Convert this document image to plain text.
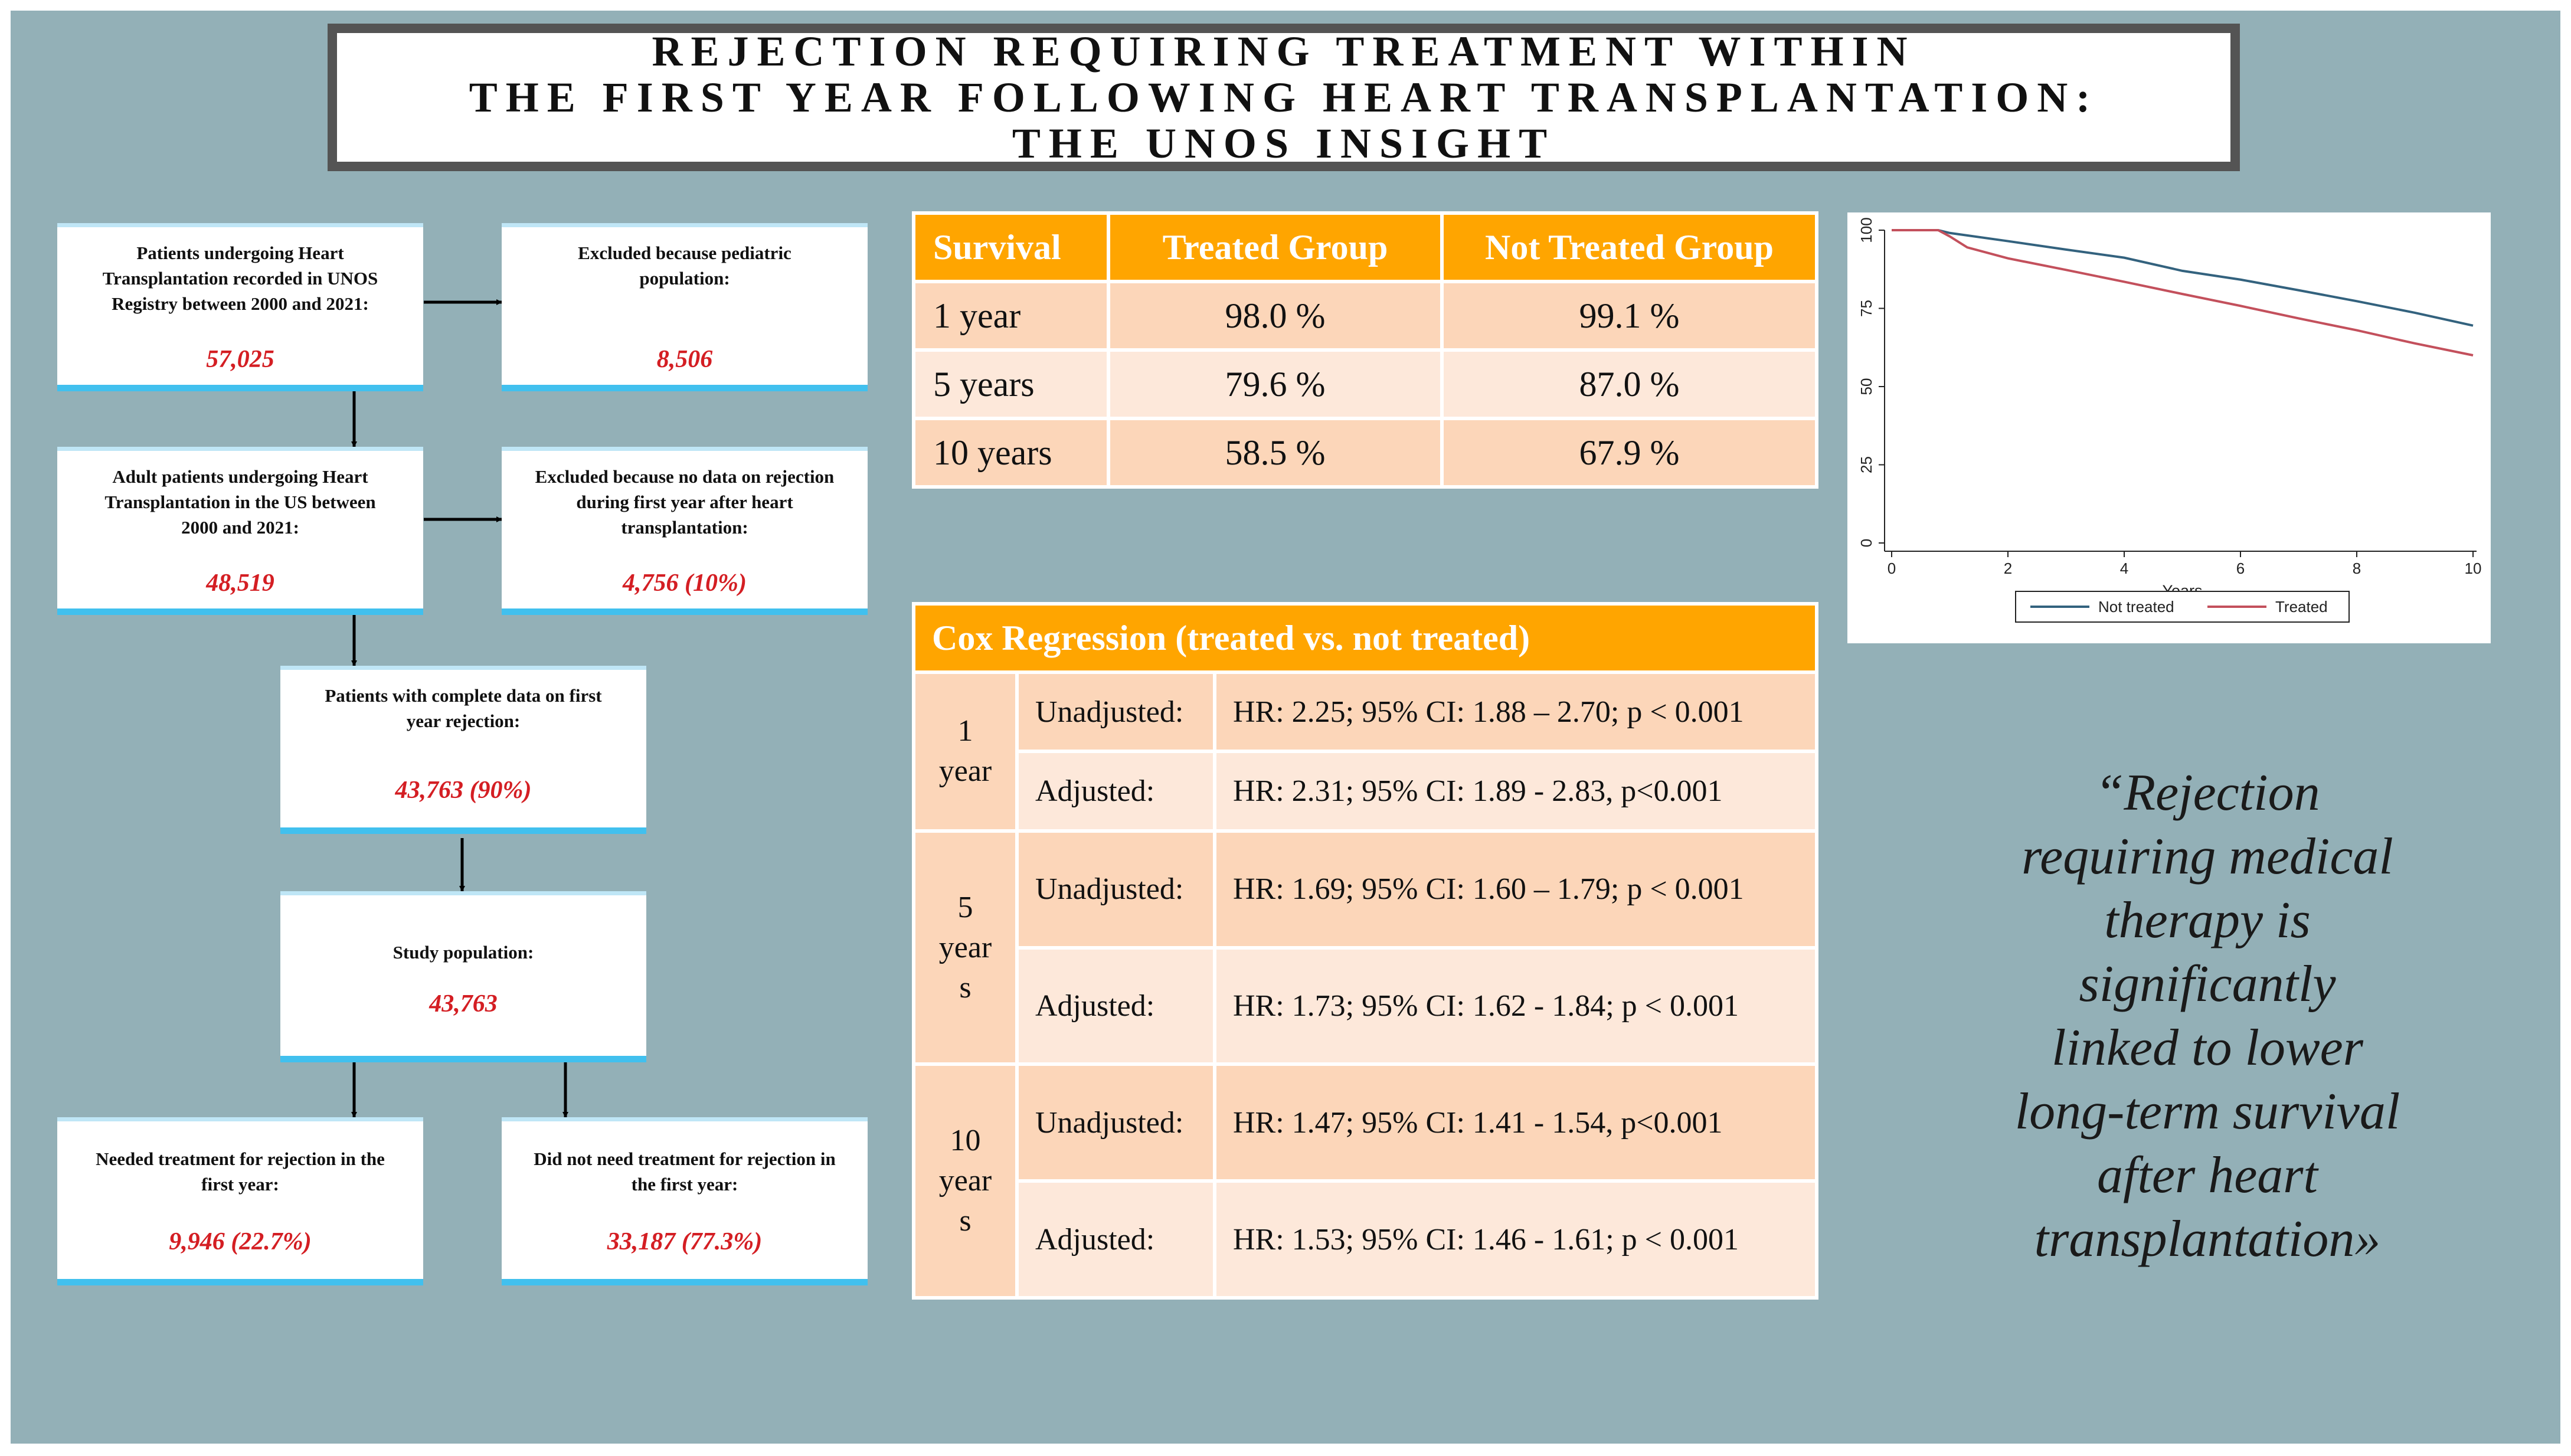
REJECTION REQUIRING TREATMENT WITHIN
THE FIRST YEAR FOLLOWING HEART TRANSPLANTATION:
THE UNOS INSIGHT
Patients undergoing Heart
Transplantation recorded in UNOS
Registry between 2000 and 2021:
57,025
Excluded because pediatric
population:
8,506
Adult patients undergoing Heart
Transplantation in the US between
2000 and 2021:
48,519
Excluded because no data on rejection
during first year after heart
transplantation:
4,756 (10%)
Patients with complete data on first
year rejection:
43,763 (90%)
Study population:
43,763
Needed treatment for rejection in the
first year:
9,946 (22.7%)
Did not need treatment for rejection in
the first year:
33,187 (77.3%)
Survival	Treated Group	Not Treated Group
1 year	98.0 %	99.1 %
5 years	79.6 %	87.0 %
10 years	58.5 %	67.9 %
Cox Regression (treated vs. not treated)		

1
year	Unadjusted:	HR: 2.25; 95% CI: 1.88 – 2.70; p < 0.001
	Adjusted:	HR: 2.31; 95% CI: 1.89 - 2.83, p<0.001

5
year
s	Unadjusted:	HR: 1.69; 95% CI: 1.60 – 1.79; p < 0.001
	Adjusted:	HR: 1.73; 95% CI: 1.62 - 1.84; p < 0.001

10
year
s	Unadjusted:	HR: 1.47; 95% CI: 1.41 - 1.54, p<0.001
	Adjusted:	HR: 1.53; 95% CI: 1.46 - 1.61; p < 0.001
0
25
50
75
100
0	2	4	6	8	10
Not treated	Treated
“Rejection
requiring medical
therapy is
significantly
linked to lower
long-term survival
after heart
transplantation»
